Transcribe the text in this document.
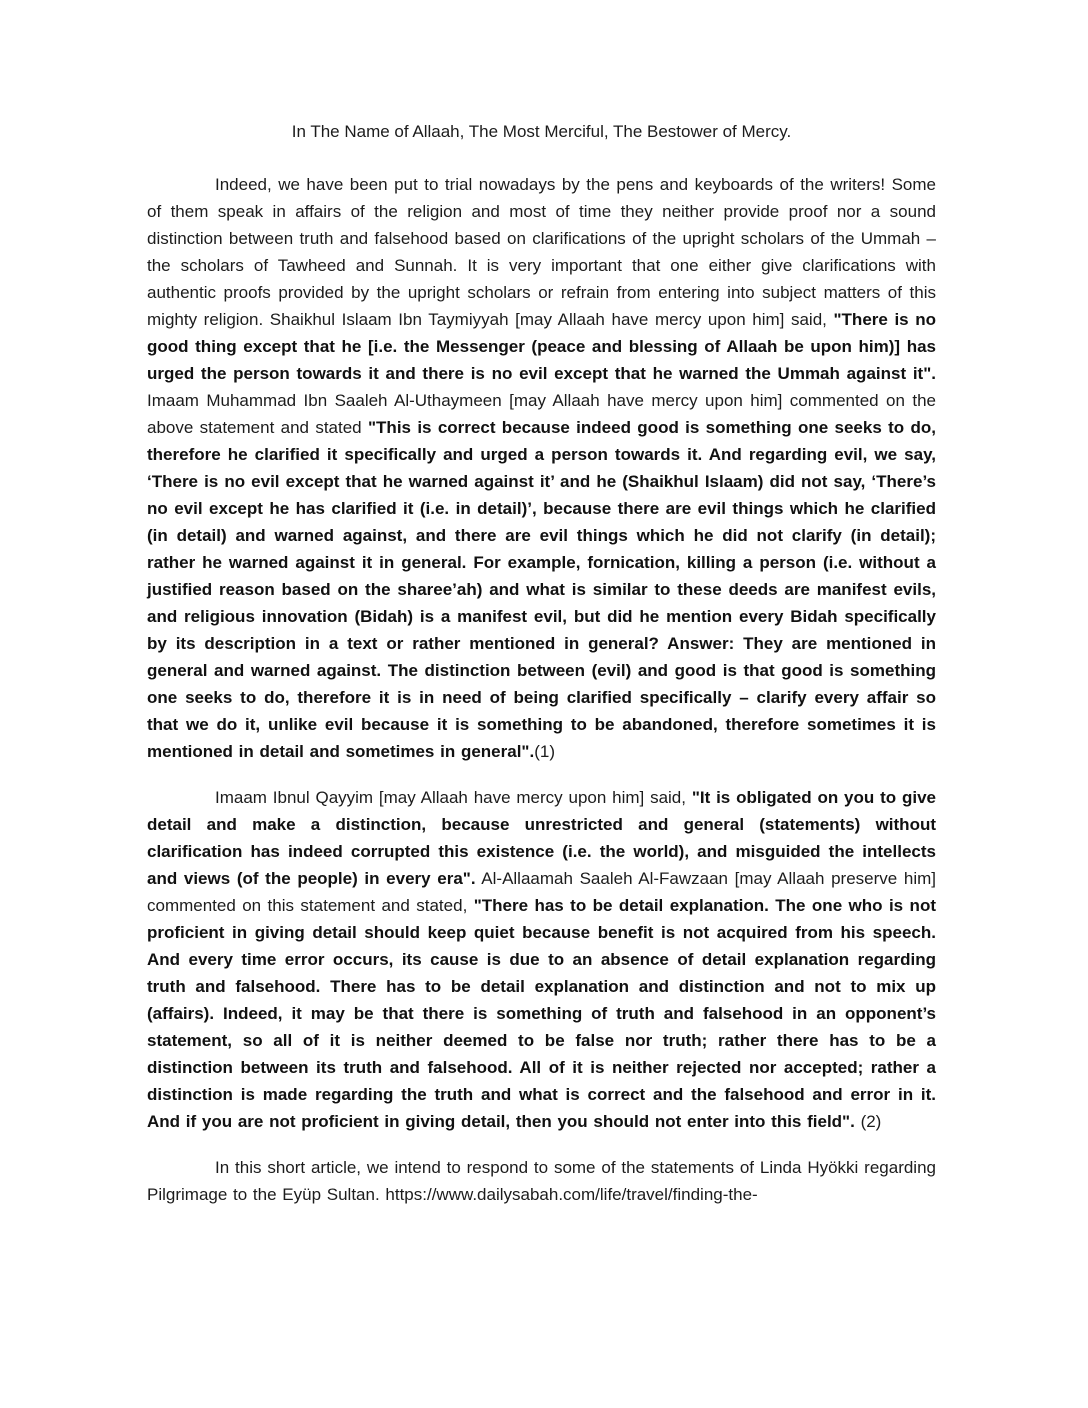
In The Name of Allaah, The Most Merciful, The Bestower of Mercy.

Indeed, we have been put to trial nowadays by the pens and keyboards of the writers! Some of them speak in affairs of the religion and most of time they neither provide proof nor a sound distinction between truth and falsehood based on clarifications of the upright scholars of the Ummah – the scholars of Tawheed and Sunnah. It is very important that one either give clarifications with authentic proofs provided by the upright scholars or refrain from entering into subject matters of this mighty religion. Shaikhul Islaam Ibn Taymiyyah [may Allaah have mercy upon him] said, "There is no good thing except that he [i.e. the Messenger (peace and blessing of Allaah be upon him)] has urged the person towards it and there is no evil except that he warned the Ummah against it". Imaam Muhammad Ibn Saaleh Al-Uthaymeen [may Allaah have mercy upon him] commented on the above statement and stated "This is correct because indeed good is something one seeks to do, therefore he clarified it specifically and urged a person towards it. And regarding evil, we say, ‘There is no evil except that he warned against it’ and he (Shaikhul Islaam) did not say, ‘There’s no evil except he has clarified it (i.e. in detail)’, because there are evil things which he clarified (in detail) and warned against, and there are evil things which he did not clarify (in detail); rather he warned against it in general. For example, fornication, killing a person (i.e. without a justified reason based on the sharee’ah) and what is similar to these deeds are manifest evils, and religious innovation (Bidah) is a manifest evil, but did he mention every Bidah specifically by its description in a text or rather mentioned in general? Answer: They are mentioned in general and warned against. The distinction between (evil) and good is that good is something one seeks to do, therefore it is in need of being clarified specifically – clarify every affair so that we do it, unlike evil because it is something to be abandoned, therefore sometimes it is mentioned in detail and sometimes in general".(1)

Imaam Ibnul Qayyim [may Allaah have mercy upon him] said, "It is obligated on you to give detail and make a distinction, because unrestricted and general (statements) without clarification has indeed corrupted this existence (i.e. the world), and misguided the intellects and views (of the people) in every era". Al-Allaamah Saaleh Al-Fawzaan [may Allaah preserve him] commented on this statement and stated, "There has to be detail explanation. The one who is not proficient in giving detail should keep quiet because benefit is not acquired from his speech. And every time error occurs, its cause is due to an absence of detail explanation regarding truth and falsehood. There has to be detail explanation and distinction and not to mix up (affairs). Indeed, it may be that there is something of truth and falsehood in an opponent’s statement, so all of it is neither deemed to be false nor truth; rather there has to be a distinction between its truth and falsehood. All of it is neither rejected nor accepted; rather a distinction is made regarding the truth and what is correct and the falsehood and error in it. And if you are not proficient in giving detail, then you should not enter into this field". (2)

In this short article, we intend to respond to some of the statements of Linda Hyökki regarding Pilgrimage to the Eyüp Sultan. https://www.dailysabah.com/life/travel/finding-the-
